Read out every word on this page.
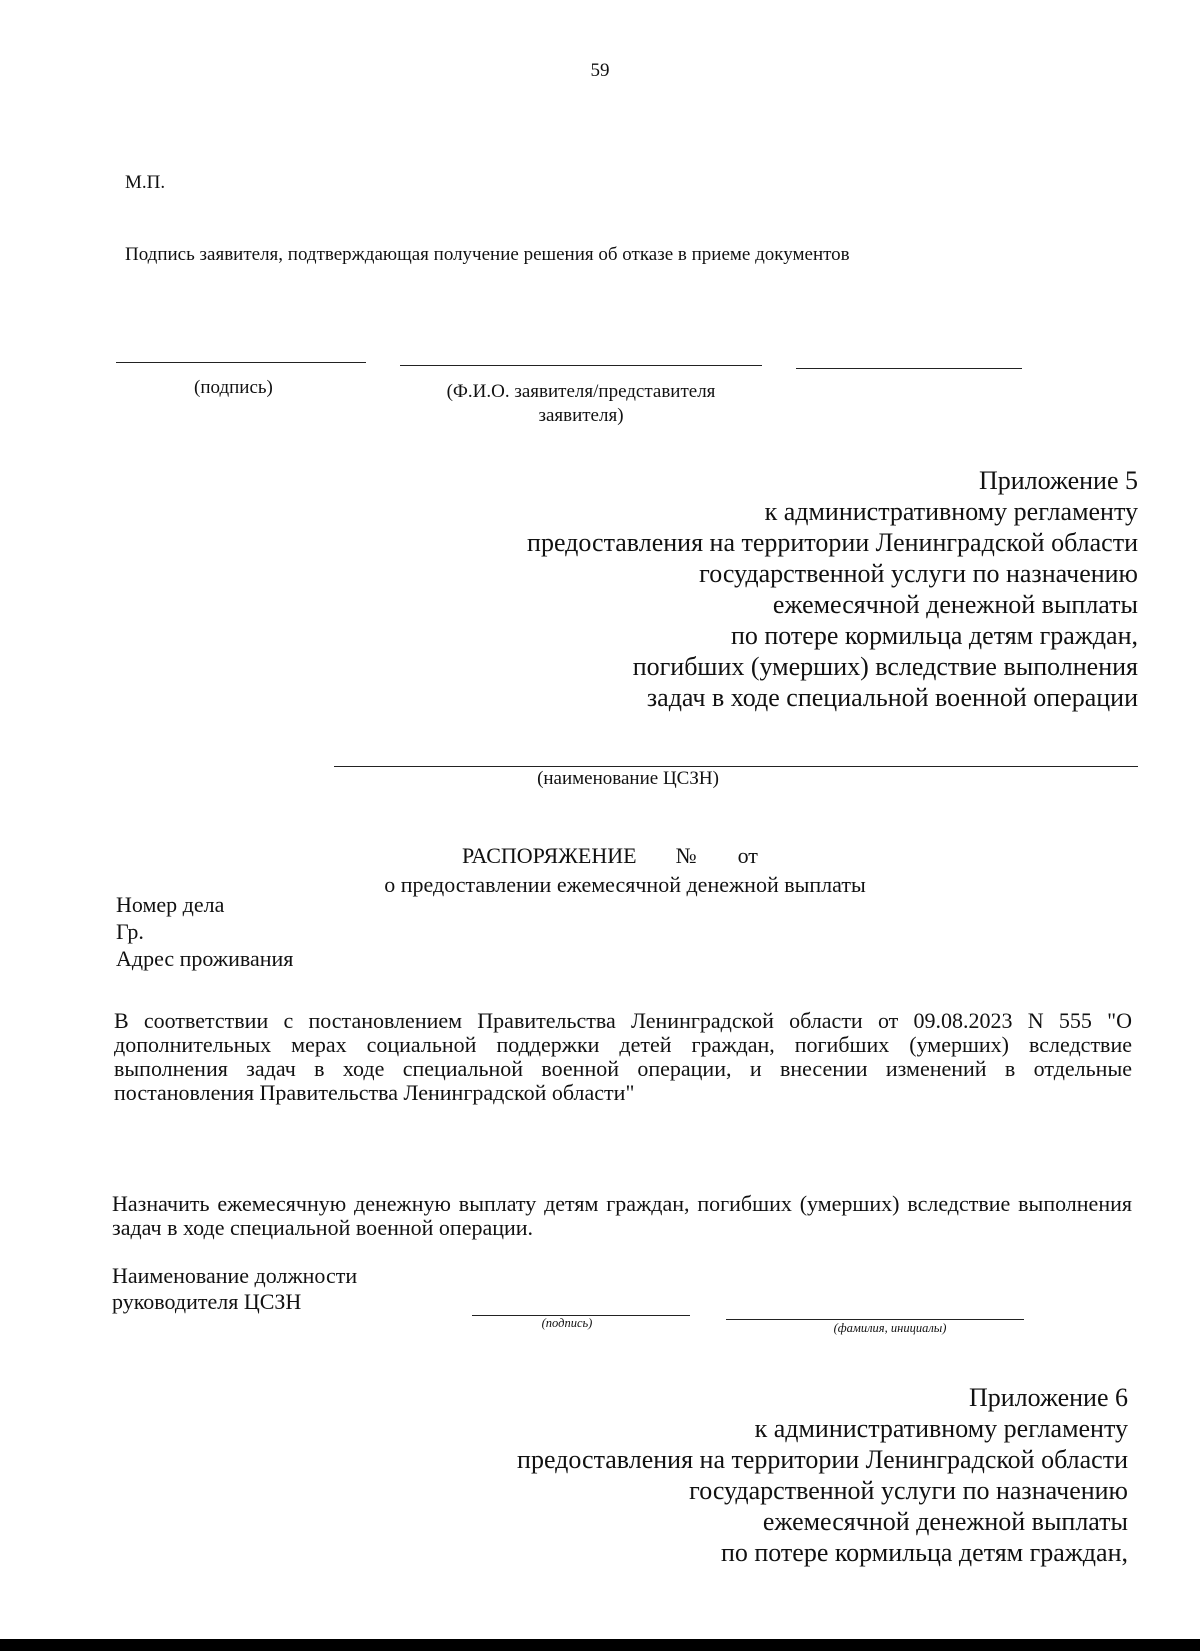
59
М.П.
Подпись заявителя, подтверждающая получение решения об отказе в приеме документов
(подпись)	(Ф.И.О. заявителя/представителя
заявителя)
Приложение 5
к административному регламенту
предоставления на территории Ленинградской области
государственной услуги по назначению
ежемесячной денежной выплаты
по потере кормильца детям граждан,
погибших (умерших) вследствие выполнения
задач в ходе специальной военной операции
(наименование ЦСЗН)
РАСПОРЯЖЕНИЕ № от
о предоставлении ежемесячной денежной выплаты
Номер дела
Гр.
Адрес проживания
В соответствии с постановлением Правительства Ленинградской области от 09.08.2023 N 555 "О дополнительных мерах социальной поддержки детей граждан, погибших (умерших) вследствие выполнения задач в ходе специальной военной операции, и внесении изменений в отдельные постановления Правительства Ленинградской области"
Назначить ежемесячную денежную выплату детям граждан, погибших (умерших) вследствие выполнения задач в ходе специальной военной операции.
Наименование должности
руководителя ЦСЗН
(подпись)	(фамилия, инициалы)
Приложение 6
к административному регламенту
предоставления на территории Ленинградской области
государственной услуги по назначению
ежемесячной денежной выплаты
по потере кормильца детям граждан,
